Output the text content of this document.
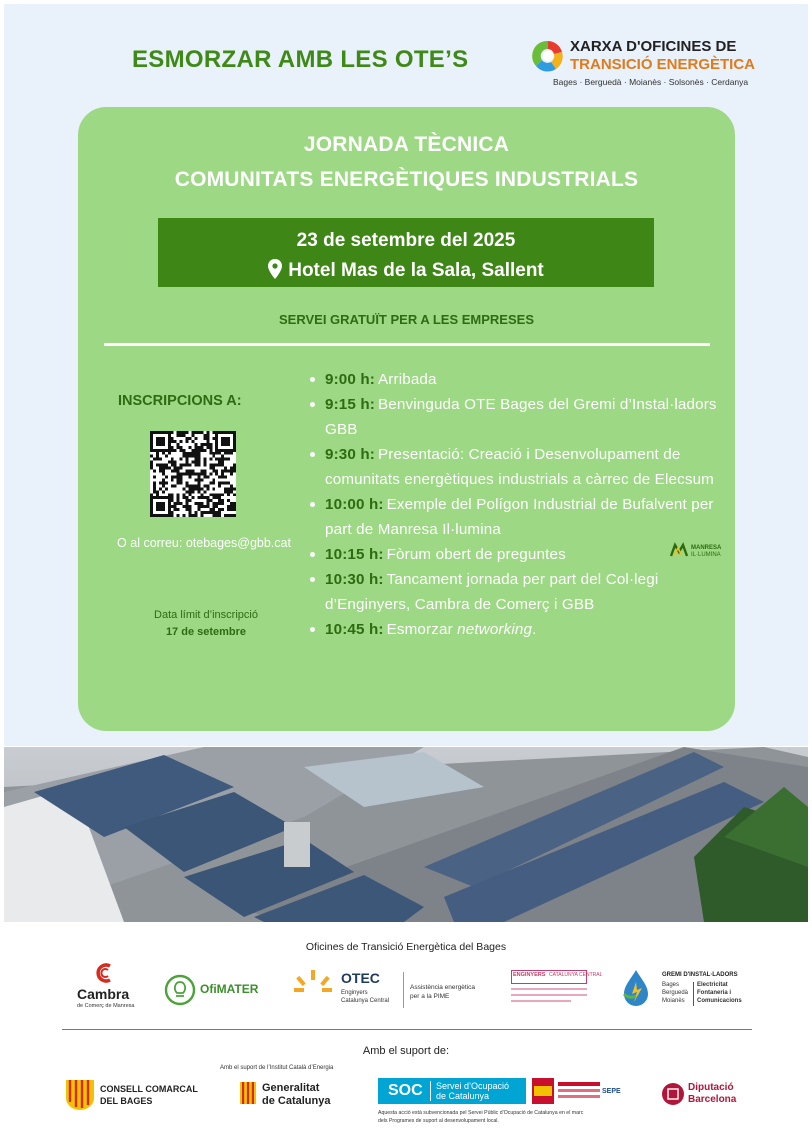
ESMORZAR AMB LES OTE’S	XARXA D'OFICINES DE
TRANSICIÓ ENERGÈTICA
Bages · Berguedà · Moianès · Solsonès · Cerdanya
JORNADA TÈCNICA
COMUNITATS ENERGÈTIQUES INDUSTRIALS
23 de setembre del 2025
Hotel Mas de la Sala, Sallent
SERVEI GRATUÏT PER A LES EMPRESES
INSCRIPCIONS A:
O al correu: otebages@gbb.cat
Data límit d’inscripció
17 de setembre
9:00 h: Arribada
9:15 h: Benvinguda OTE Bages del Gremi d’Instal·ladors GBB
9:30 h: Presentació: Creació i Desenvolupament de comunitats energètiques industrials a càrrec de Elecsum
10:00 h: Exemple del Polígon Industrial de Bufalvent per part de Manresa Il·lumina
10:15 h: Fòrum obert de preguntes
10:30 h: Tancament jornada per part del Col·legi d’Enginyers, Cambra de Comerç i GBB
10:45 h: Esmorzar networking.
MANRESA
IL·LUMINA
Oficines de Transició Energètica del Bages
Cambra
de Comerç de Manresa
OfiMATER
OTEC
Enginyers
Catalunya Central
Assistència energètica
per a la PIME
ENGINYERS CATALUNYA CENTRAL	GREMI D'INSTAL·LADORS
Bages
Berguedà
Moianès
Electricitat
Fontaneria i
Comunicacions
Amb el suport de:
CONSELL COMARCAL
DEL BAGES
Amb el suport de l’Institut Català d’Energia
Generalitat
de Catalunya
SOC Servei d’Ocupació
de Catalunya	SEPE
Aquesta acció està subvencionada pel Servei Públic d’Ocupació de Catalunya en el marc
dels Programes de suport al desenvolupament local.
Diputació
Barcelona
